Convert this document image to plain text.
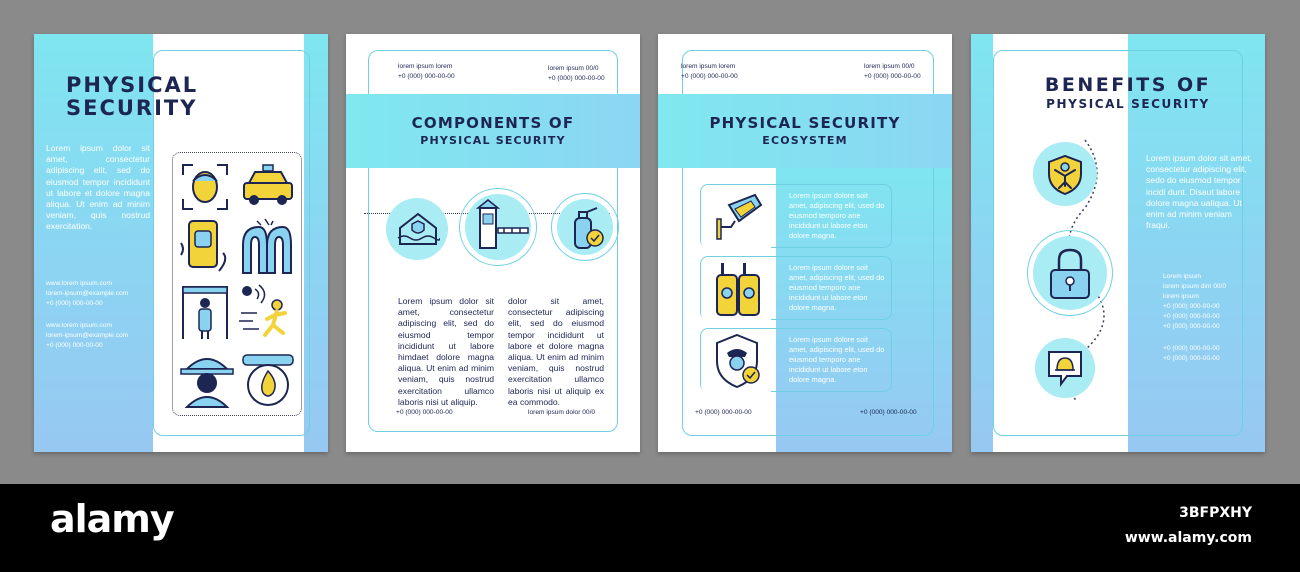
PHYSICAL
SECURITY
Lorem ipsum dolor sit amet, consectetur adipiscing elit, sed do eiusmod tempor incididunt ut labore et dolore magna aliqua. Ut enim ad minim veniam, quis nostrud exercitation.
www.lorem ipsum.com
lorem-ipsum@example.com
+0 (000) 000-00-00
www.lorem ipsum.com
lorem-ipsum@example.com
+0 (000) 000-00-00
lorem ipsum lorem
+0 (000) 000-00-00
lorem ipsum 00/0
+0 (000) 000-00-00
COMPONENTS OF
PHYSICAL SECURITY
Lorem ipsum dolor sit amet, consectetur adipiscing elit, sed do eiusmod tempor incididunt ut labore himdaet dolore magna aliqua. Ut enim ad minim veniam, quis nostrud exercitation ullamco laboris nisi ut aliquip.
dolor sit amet, consectetur adipiscing elit, sed do eiusmod tempor incididunt ut labore et dolore magna aliqua. Ut enim ad minim veniam, quis nostrud exercitation ullamco laboris nisi ut aliquip ex ea commodo.
+0 (000) 000-00-00	lorem ipsum dolor 00/0
lorem ipsum lorem
+0 (000) 000-00-00
lorem ipsum 00/0
+0 (000) 000-00-00
PHYSICAL SECURITY
ECOSYSTEM
Lorem ipsum dolore soit amet, adipiscing elit, used do eiusmod temporo ane incididunt ut labore eton dolore magna.
Lorem ipsum dolore soit amet, adipiscing elit, used do eiusmod temporo ane incididunt ut labore eton dolore magna.
Lorem ipsum dolore soit amet, adipiscing elit, used do eiusmod temporo ane incididunt ut labore eton dolore magna.
+0 (000) 000-00-00	+0 (000) 000-00-00
BENEFITS OF
PHYSICAL SECURITY
Lorem ipsum dolor sit amet, consectetur adipiscing elit, sedo do eiusmod tempor incidi dunt. Disaut labore dolore magna ualiqua. Ut enim ad minim veniam fraqui.
Lorem ipsum
lorem ipsum dim 00/0
lorem ipsum
+0 (000) 000-00-00
+0 (000) 000-00-00
+0 (000) 000-00-00
+0 (000) 000-00-00
+0 (000) 000-00-00
alamy	3BFPXHY
www.alamy.com
